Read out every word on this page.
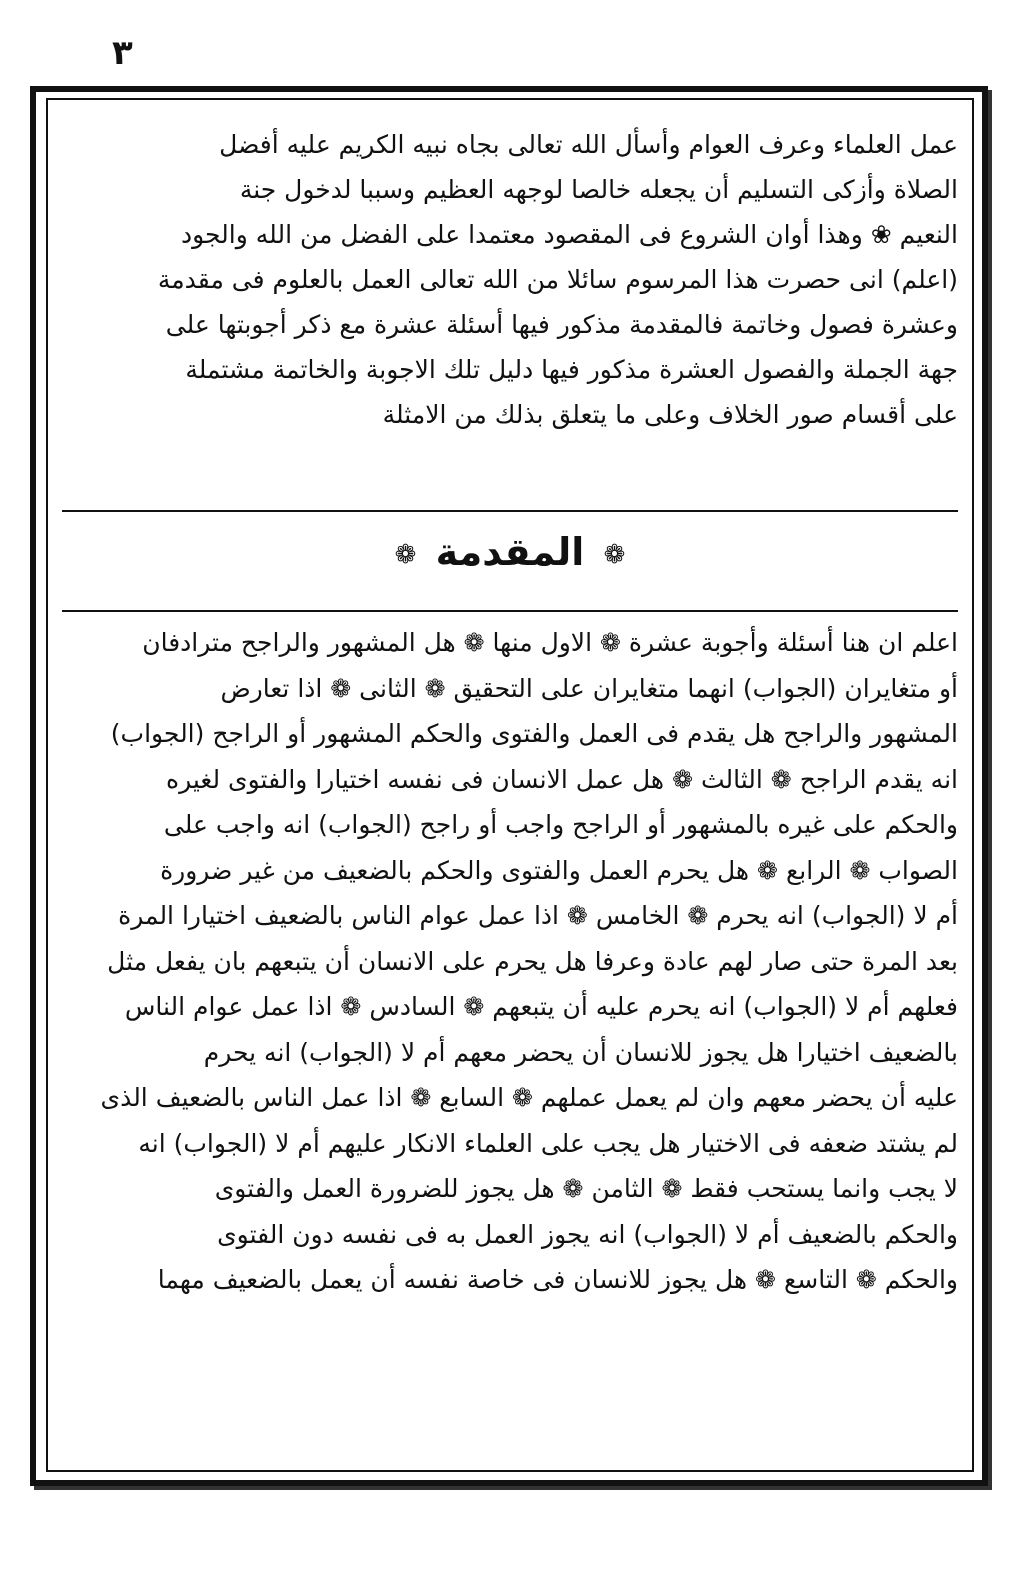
٣
عمل العلماء وعرف العوام وأسأل الله تعالى بجاه نبيه الكريم عليه أفضل
الصلاة وأزكى التسليم أن يجعله خالصا لوجهه العظيم وسببا لدخول جنة
النعيم ❀ وهذا أوان الشروع فى المقصود معتمدا على الفضل من الله والجود
(اعلم) انى حصرت هذا المرسوم سائلا من الله تعالى العمل بالعلوم فى مقدمة
وعشرة فصول وخاتمة فالمقدمة مذكور فيها أسئلة عشرة مع ذكر أجوبتها على
جهة الجملة والفصول العشرة مذكور فيها دليل تلك الاجوبة والخاتمة مشتملة
على أقسام صور الخلاف وعلى ما يتعلق بذلك من الامثلة
❁ المقدمة ❁
اعلم ان هنا أسئلة وأجوبة عشرة ❁ الاول منها ❁ هل المشهور والراجح مترادفان
أو متغايران (الجواب) انهما متغايران على التحقيق ❁ الثانى ❁ اذا تعارض
المشهور والراجح هل يقدم فى العمل والفتوى والحكم المشهور أو الراجح (الجواب)
انه يقدم الراجح ❁ الثالث ❁ هل عمل الانسان فى نفسه اختيارا والفتوى لغيره
والحكم على غيره بالمشهور أو الراجح واجب أو راجح (الجواب) انه واجب على
الصواب ❁ الرابع ❁ هل يحرم العمل والفتوى والحكم بالضعيف من غير ضرورة
أم لا (الجواب) انه يحرم ❁ الخامس ❁ اذا عمل عوام الناس بالضعيف اختيارا المرة
بعد المرة حتى صار لهم عادة وعرفا هل يحرم على الانسان أن يتبعهم بان يفعل مثل
فعلهم أم لا (الجواب) انه يحرم عليه أن يتبعهم ❁ السادس ❁ اذا عمل عوام الناس
بالضعيف اختيارا هل يجوز للانسان أن يحضر معهم أم لا (الجواب) انه يحرم
عليه أن يحضر معهم وان لم يعمل عملهم ❁ السابع ❁ اذا عمل الناس بالضعيف الذى
لم يشتد ضعفه فى الاختيار هل يجب على العلماء الانكار عليهم أم لا (الجواب) انه
لا يجب وانما يستحب فقط ❁ الثامن ❁ هل يجوز للضرورة العمل والفتوى
والحكم بالضعيف أم لا (الجواب) انه يجوز العمل به فى نفسه دون الفتوى
والحكم ❁ التاسع ❁ هل يجوز للانسان فى خاصة نفسه أن يعمل بالضعيف مهما
